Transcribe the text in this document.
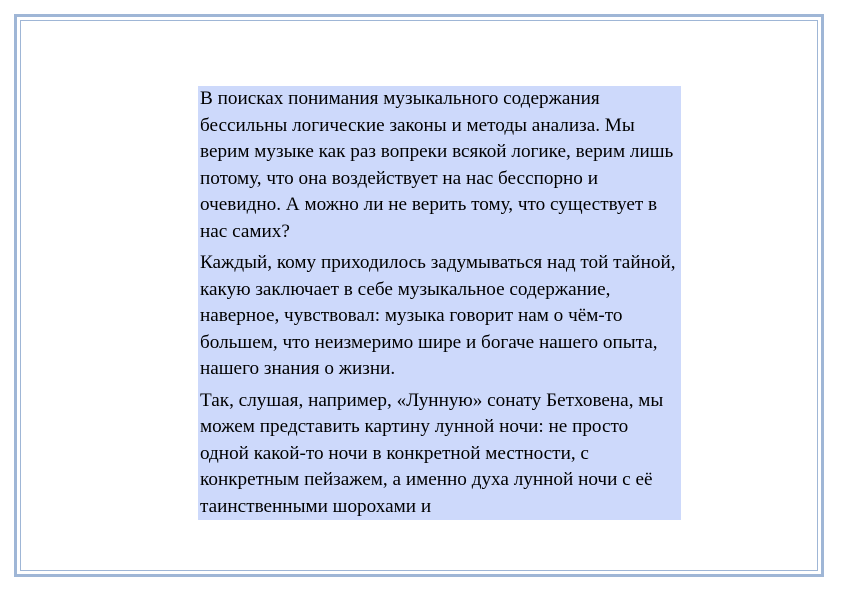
В поисках понимания музыкального содержания бессильны логические законы и методы анализа. Мы верим музыке как раз вопреки всякой логике, верим лишь потому, что она воздействует на нас бесспорно и очевидно. А можно ли не верить тому, что существует в нас самих?

Каждый, кому приходилось задумываться над той тайной, какую заключает в себе музыкальное содержание, наверное, чувствовал: музыка говорит нам о чём-то большем, что неизмеримо шире и богаче нашего опыта, нашего знания о жизни.

Так, слушая, например, «Лунную» сонату Бетховена, мы можем представить картину лунной ночи: не просто одной какой-то ночи в конкретной местности, с конкретным пейзажем, а именно духа лунной ночи с её таинственными шорохами и
